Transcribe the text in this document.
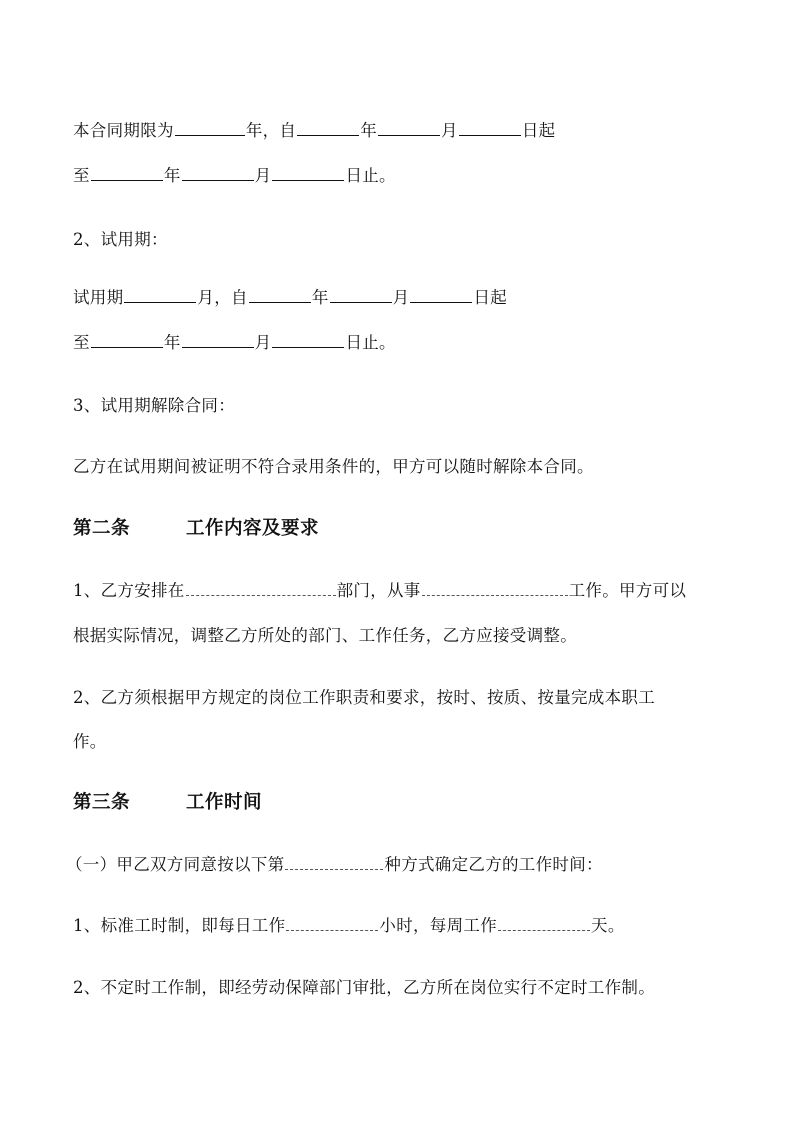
本合同期限为	年，自	年	月	日起
至	年	月	日止。
2、试用期：
试用期	月，自	年	月	日起
至	年	月	日止。
3、试用期解除合同：
乙方在试用期间被证明不符合录用条件的，甲方可以随时解除本合同。
第二条	工作内容及要求
1、乙方安排在	部门，从事	工作。甲方可以
根据实际情况，调整乙方所处的部门、工作任务，乙方应接受调整。
2、乙方须根据甲方规定的岗位工作职责和要求，按时、按质、按量完成本职工
作。
第三条	工作时间
（一）甲乙双方同意按以下第	种方式确定乙方的工作时间：
1、标准工时制，即每日工作	小时，每周工作	天。
2、不定时工作制，即经劳动保障部门审批，乙方所在岗位实行不定时工作制。
